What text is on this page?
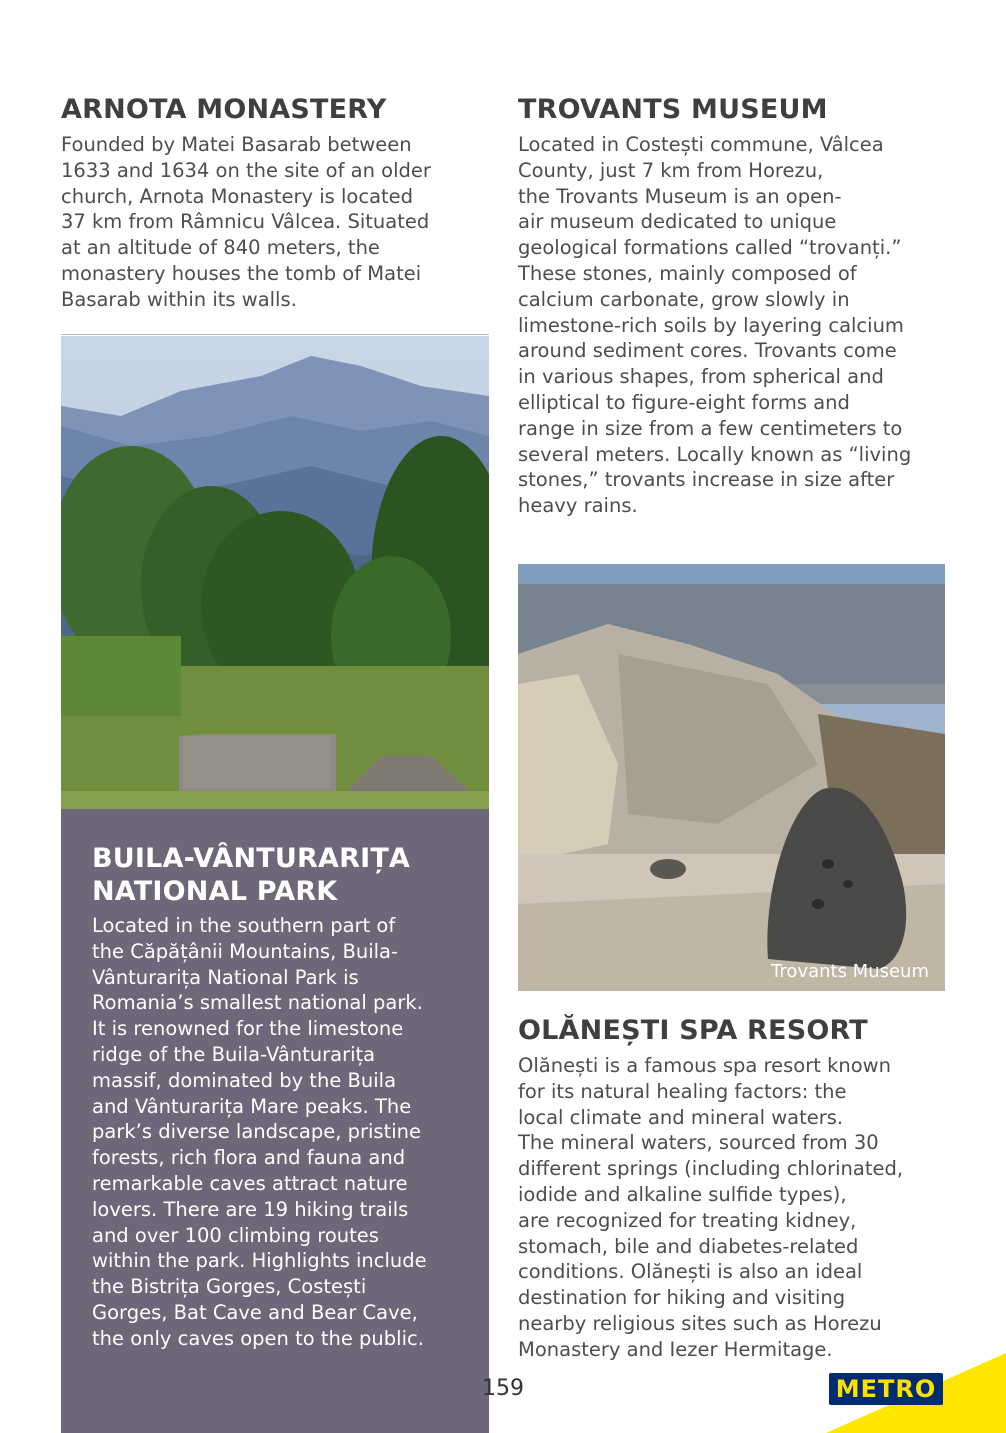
ARNOTA MONASTERY

Founded by Matei Basarab between
1633 and 1634 on the site of an older
church, Arnota Monastery is located
37 km from Râmnicu Vâlcea. Situated
at an altitude of 840 meters, the
monastery houses the tomb of Matei
Basarab within its walls.

BUILA-VÂNTURARIȚA
NATIONAL PARK

Located in the southern part of
the Căpățânii Mountains, Buila-
Vânturarița National Park is
Romania’s smallest national park.
It is renowned for the limestone
ridge of the Buila-Vânturarița
massif, dominated by the Buila
and Vânturarița Mare peaks. The
park’s diverse landscape, pristine
forests, rich flora and fauna and
remarkable caves attract nature
lovers. There are 19 hiking trails
and over 100 climbing routes
within the park. Highlights include
the Bistrița Gorges, Costești
Gorges, Bat Cave and Bear Cave,
the only caves open to the public.

TROVANTS MUSEUM

Located in Costești commune, Vâlcea
County, just 7 km from Horezu,
the Trovants Museum is an open-
air museum dedicated to unique
geological formations called “trovanți.”
These stones, mainly composed of
calcium carbonate, grow slowly in
limestone-rich soils by layering calcium
around sediment cores. Trovants come
in various shapes, from spherical and
elliptical to figure-eight forms and
range in size from a few centimeters to
several meters. Locally known as “living
stones,” trovants increase in size after
heavy rains.

Trovants Museum
OLĂNEȘTI SPA RESORT

Olănești is a famous spa resort known
for its natural healing factors: the
local climate and mineral waters.
The mineral waters, sourced from 30
different springs (including chlorinated,
iodide and alkaline sulfide types),
are recognized for treating kidney,
stomach, bile and diabetes-related
conditions. Olănești is also an ideal
destination for hiking and visiting
nearby religious sites such as Horezu
Monastery and Iezer Hermitage.

159	METRO
